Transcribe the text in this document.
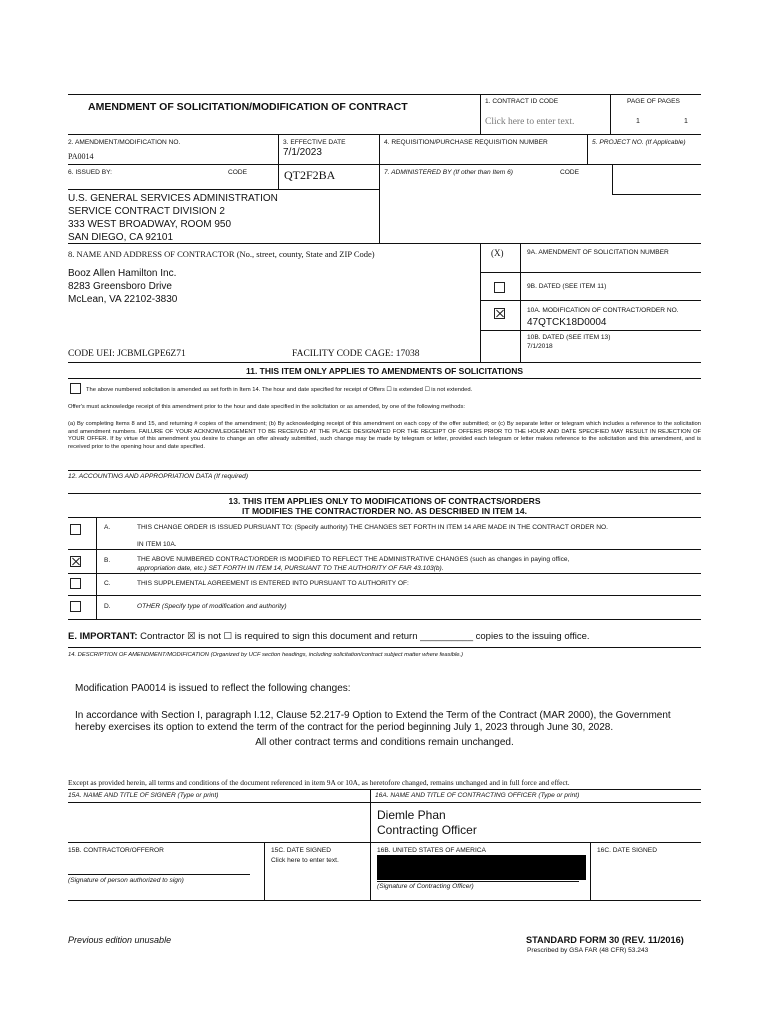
AMENDMENT OF SOLICITATION/MODIFICATION OF CONTRACT	1. CONTRACT ID CODE
Click here to enter text.
PAGE OF PAGES
1	1
2. AMENDMENT/MODIFICATION NO.
PA0014
3. EFFECTIVE DATE
7/1/2023
4. REQUISITION/PURCHASE REQUISITION NUMBER	5. PROJECT NO. (If Applicable)
6. ISSUED BY:	CODE	QT2F2BA	7. ADMINISTERED BY (If other than Item 6)	CODE
U.S. GENERAL SERVICES ADMINISTRATION
SERVICE CONTRACT DIVISION 2
333 WEST BROADWAY, ROOM 950
SAN DIEGO, CA 92101
8. NAME AND ADDRESS OF CONTRACTOR (No., street, county, State and ZIP Code)
Booz Allen Hamilton Inc.
8283 Greensboro Drive
McLean, VA 22102-3830
CODE UEI: JCBMLGPE6Z71	FACILITY CODE CAGE: 17038
(X)	9A. AMENDMENT OF SOLICITATION NUMBER
9B. DATED (SEE ITEM 11)
10A. MODIFICATION OF CONTRACT/ORDER NO.
47QTCK18D0004
10B. DATED (SEE ITEM 13)
7/1/2018
11. THIS ITEM ONLY APPLIES TO AMENDMENTS OF SOLICITATIONS
The above numbered solicitation is amended as set forth in Item 14. The hour and date specified for receipt of Offers ☐ is extended ☐ is not extended.
Offer's must acknowledge receipt of this amendment prior to the hour and date specified in the solicitation or as amended, by one of the following methods:
(a) By completing Items 8 and 15, and returning # copies of the amendment; (b) By acknowledging receipt of this amendment on each copy of the offer submitted; or (c) By separate letter or telegram which includes a reference to the solicitation and amendment numbers. FAILURE OF YOUR ACKNOWLEDGEMENT TO BE RECEIVED AT THE PLACE DESIGNATED FOR THE RECEIPT OF OFFERS PRIOR TO THE HOUR AND DATE SPECIFIED MAY RESULT IN REJECTION OF YOUR OFFER. If by virtue of this amendment you desire to change an offer already submitted, such change may be made by telegram or letter, provided each telegram or letter makes reference to the solicitation and this amendment, and is received prior to the opening hour and date specified.
12. ACCOUNTING AND APPROPRIATION DATA (If required)
13. THIS ITEM APPLIES ONLY TO MODIFICATIONS OF CONTRACTS/ORDERS
IT MODIFIES THE CONTRACT/ORDER NO. AS DESCRIBED IN ITEM 14.
A.	THIS CHANGE ORDER IS ISSUED PURSUANT TO: (Specify authority) THE CHANGES SET FORTH IN ITEM 14 ARE MADE IN THE CONTRACT ORDER NO.
IN ITEM 10A.
B.	THE ABOVE NUMBERED CONTRACT/ORDER IS MODIFIED TO REFLECT THE ADMINISTRATIVE CHANGES (such as changes in paying office,
appropriation date, etc.) SET FORTH IN ITEM 14, PURSUANT TO THE AUTHORITY OF FAR 43.103(b).
C.	THIS SUPPLEMENTAL AGREEMENT IS ENTERED INTO PURSUANT TO AUTHORITY OF:
D.	OTHER (Specify type of modification and authority)
E. IMPORTANT: Contractor ☒ is not ☐ is required to sign this document and return __________ copies to the issuing office.
14. DESCRIPTION OF AMENDMENT/MODIFICATION (Organized by UCF section headings, including solicitation/contract subject matter where feasible.)
Modification PA0014 is issued to reflect the following changes:
In accordance with Section I, paragraph I.12, Clause 52.217-9 Option to Extend the Term of the Contract (MAR 2000), the Government
hereby exercises its option to extend the term of the contract for the period beginning July 1, 2023 through June 30, 2028.
All other contract terms and conditions remain unchanged.
Except as provided herein, all terms and conditions of the document referenced in item 9A or 10A, as heretofore changed, remains unchanged and in full force and effect.
15A. NAME AND TITLE OF SIGNER (Type or print)	16A. NAME AND TITLE OF CONTRACTING OFFICER (Type or print)
Diemle Phan
Contracting Officer
15B. CONTRACTOR/OFFEROR
(Signature of person authorized to sign)
15C. DATE SIGNED
Click here to enter text.
16B. UNITED STATES OF AMERICA
(Signature of Contracting Officer)
16C. DATE SIGNED
Previous edition unusable	STANDARD FORM 30 (REV. 11/2016)
Prescribed by GSA FAR (48 CFR) 53.243
